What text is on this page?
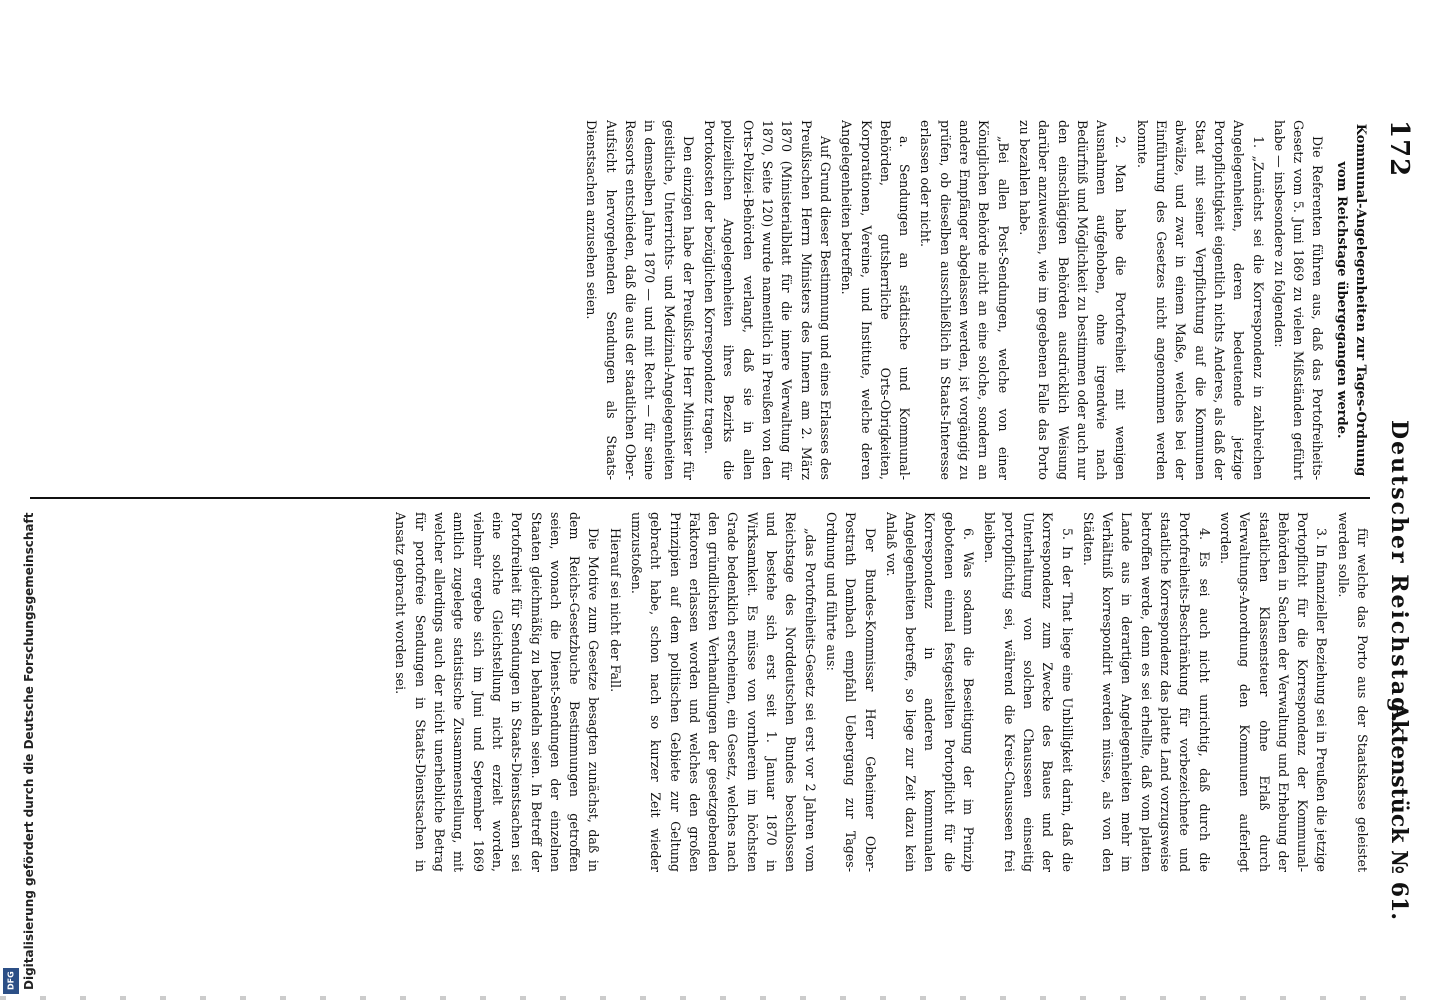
172
Deutscher Reichstag.
Aktenstück № 61.

Kommunal-Angelegenheiten zur Tages-Ordnung vom Reichstage übergegangen werde.

Die Referenten führen aus, daß das Portofreiheits-Gesetz vom 5. Juni 1869 zu vielen Mißständen geführt habe — insbesondere zu folgenden:

1. „Zunächst sei die Korrespondenz in zahlreichen Angelegenheiten, deren bedeutende jetzige Portopflichtigkeit eigentlich nichts Anderes, als daß der Staat mit seiner Verpflichtung auf die Kommunen abwälze, und zwar in einem Maße, welches bei der Einführung des Gesetzes nicht angenommen werden konnte.

2. Man habe die Portofreiheit mit wenigen Ausnahmen aufgehoben, ohne irgendwie nach Bedürfniß und Möglichkeit zu bestimmen oder auch nur den einschlägigen Behörden ausdrücklich Weisung darüber anzuweisen, wie im gegebenen Falle das Porto zu bezahlen habe.

„Bei allen Post-Sendungen, welche von einer Königlichen Behörde nicht an eine solche, sondern an andere Empfänger abgelassen werden, ist vorgängig zu prüfen, ob dieselben ausschließlich in Staats-Interesse erlassen oder nicht.

a. Sendungen an städtische und Kommunal-Behörden, gutsherrliche Orts-Obrigkeiten, Korporationen, Vereine, und Institute, welche deren Angelegenheiten betreffen.

Auf Grund dieser Bestimmung und eines Erlasses des Preußischen Herrn Ministers des Innern am 2. März 1870 (Ministerialblatt für die innere Verwaltung für 1870, Seite 120) wurde namentlich in Preußen von den Orts-Polizei-Behörden verlangt, daß sie in allen polizeilichen Angelegenheiten ihres Bezirks die Portokosten der bezüglichen Korrespondenz tragen.

Den einzigen habe der Preußische Herr Minister für geistliche, Unterrichts- und Medizinal-Angelegenheiten in demselben Jahre 1870 — und mit Recht — für seine Ressorts entschieden, daß die aus der staatlichen Ober-Aufsicht hervorgehenden Sendungen als Staats-Dienstsachen anzusehen seien.

für welche das Porto aus der Staatskasse geleistet werden solle.

3. In finanzieller Beziehung sei in Preußen die jetzige Portopflicht für die Korrespondenz der Kommunal-Behörden in Sachen der Verwaltung und Erhebung der staatlichen Klassensteuer ohne Erlaß durch Verwaltungs-Anordnung den Kommunen auferlegt worden.

4. Es sei auch nicht unrichtig, daß durch die Portofreiheits-Beschränkung für vorbezeichnete und staatliche Korrespondenz das platte Land vorzugsweise betroffen werde, denn es sei erhellte, daß vom platten Lande aus in derartigen Angelegenheiten mehr im Verhältniß korrespondirt werden müsse, als von den Städten.

5. In der That liege eine Unbilligkeit darin, daß die Korrespondenz zum Zwecke des Baues und der Unterhaltung von solchen Chausseen einseitig portopflichtig sei, während die Kreis-Chausseen frei bleiben.

6. Was sodann die Beseitigung der im Prinzip gebotenen einmal festgestellten Portopflicht für die Korrespondenz in anderen kommunalen Angelegenheiten betreffe, so liege zur Zeit dazu kein Anlaß vor.

Der Bundes-Kommissar Herr Geheimer Ober-Postrath Dambach empfahl Uebergang zur Tages-Ordnung und führte aus:

„das Portofreiheits-Gesetz sei erst vor 2 Jahren vom Reichstage des Norddeutschen Bundes beschlossen und bestehe sich erst seit 1. Januar 1870 in Wirksamkeit. Es müsse von vornherein im höchsten Grade bedenklich erscheinen, ein Gesetz, welches nach den gründlichsten Verhandlungen der gesetzgebenden Faktoren erlassen worden und welches den großen Prinzipien auf dem politischen Gebiete zur Geltung gebracht habe, schon nach so kurzer Zeit wieder umzustoßen.

Hierauf sei nicht der Fall.

Die Motive zum Gesetze besagten zunächst, daß in dem Reichs-Gesetzbuche Bestimmungen getroffen seien, wonach die Dienst-Sendungen der einzelnen Staaten gleichmäßig zu behandeln seien. In Betreff der Portofreiheit für Sendungen in Staats-Dienstsachen sei eine solche Gleichstellung nicht erzielt worden, vielmehr ergebe sich im Juni und September 1869 amtlich zugelegte statistische Zusammenstellung, mit welcher allerdings auch der nicht unerhebliche Betrag für portofreie Sendungen in Staats-Dienstsachen in Ansatz gebracht worden sei.

Digitalisierung gefördert durch die Deutsche Forschungsgemeinschaft
DFG
